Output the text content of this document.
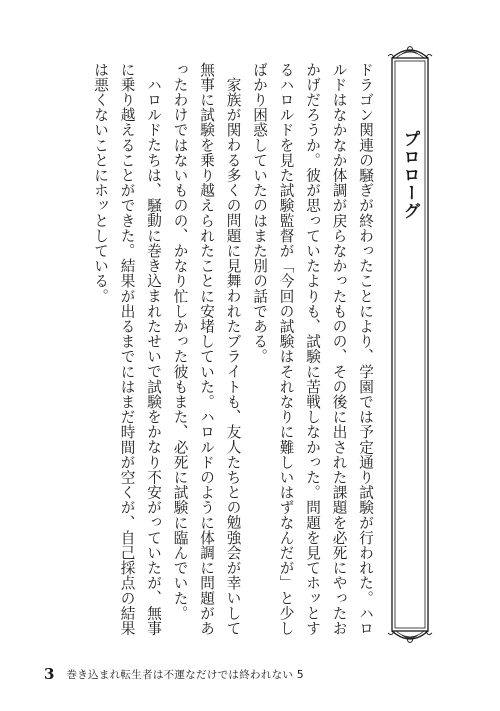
プロローグ

ドラゴン関連の騒ぎが終わったことにより、学園では予定通り試験が行われた。ハロルドはなかなか体調が戻らなかったものの、その後に出された課題を必死にやったおかげだろうか。彼が思っていたよりも、試験に苦戦しなかった。問題を見てホッとするハロルドを見た試験監督が「今回の試験はそれなりに難しいはずなんだが」と少しばかり困惑していたのはまた別の話である。

家族が関わる多くの問題に見舞われたブライトも、友人たちとの勉強会が幸いして無事に試験を乗り越えられたことに安堵していた。ハロルドのように体調に問題があったわけではないものの、かなり忙しかった彼もまた、必死に試験に臨んでいた。

ハロルドたちは、騒動に巻き込まれたせいで試験をかなり不安がっていたが、無事に乗り越えることができた。結果が出るまでにはまだ時間が空くが、自己採点の結果は悪くないことにホッとしている。

3 巻き込まれ転生者は不運なだけでは終われない 5
